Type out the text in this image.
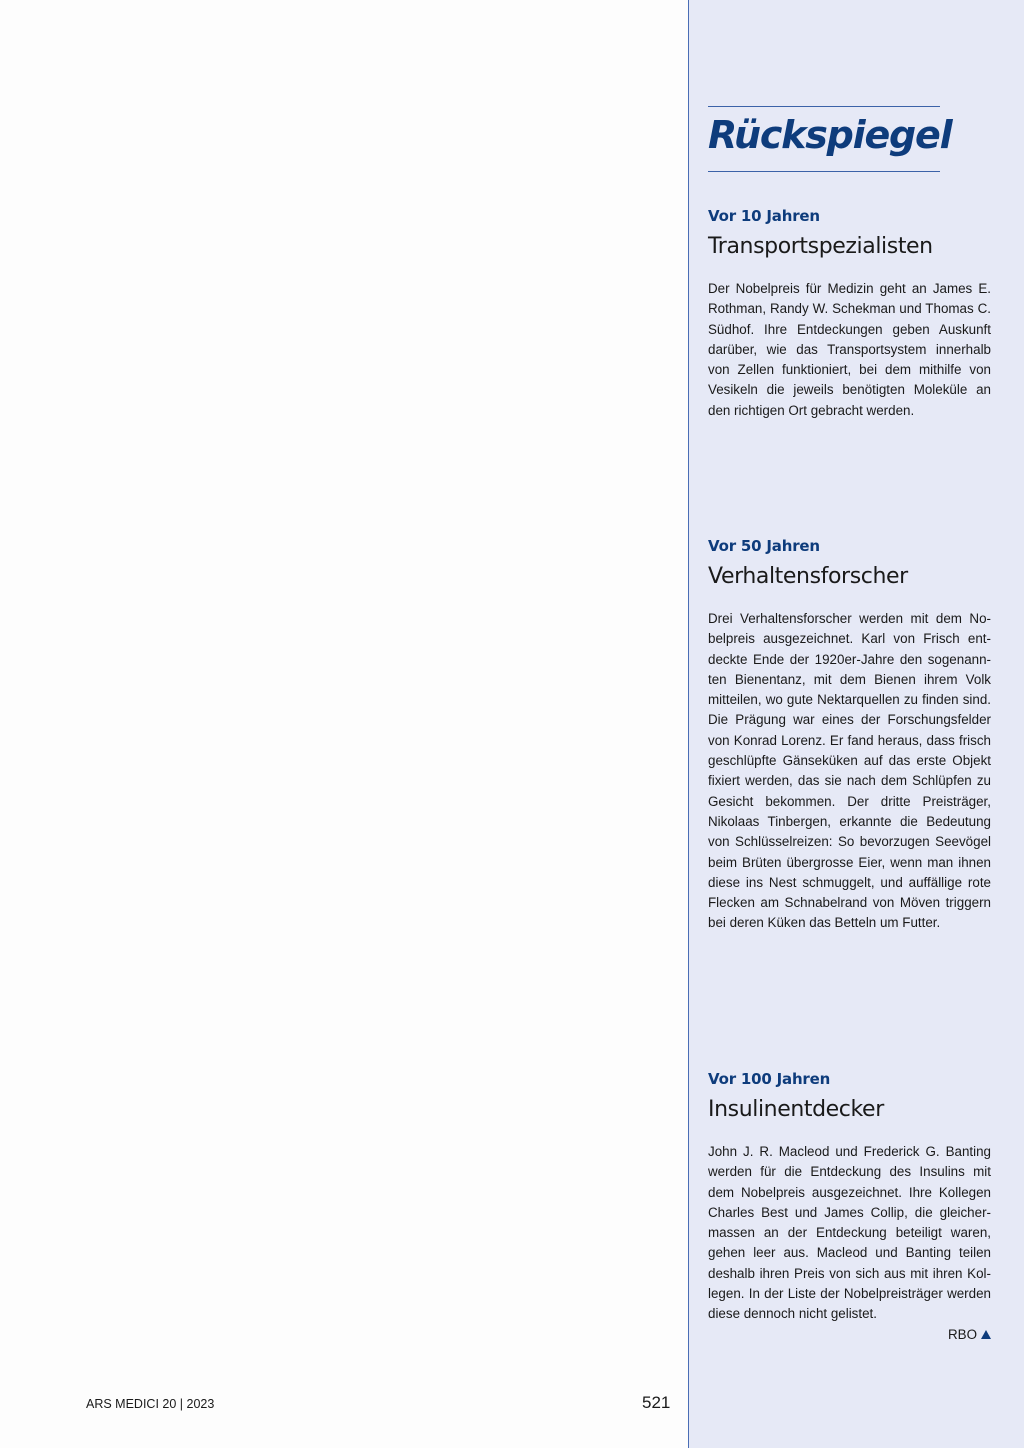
Rückspiegel
Vor 10 Jahren
Transportspezialisten
Der Nobelpreis für Medizin geht an James E. Rothman, Randy W. Schekman und Thomas C. Südhof. Ihre Entdeckungen geben Auskunft darüber, wie das Transportsystem innerhalb von Zellen funktioniert, bei dem mithilfe von Vesikeln die jeweils benötigten Moleküle an den richtigen Ort gebracht werden.
Vor 50 Jahren
Verhaltensforscher
Drei Verhaltensforscher werden mit dem Nobelpreis ausgezeichnet. Karl von Frisch entdeckte Ende der 1920er-Jahre den sogenannten Bienentanz, mit dem Bienen ihrem Volk mitteilen, wo gute Nektarquellen zu finden sind. Die Prägung war eines der Forschungsfelder von Konrad Lorenz. Er fand heraus, dass frisch geschlüpfte Gänseküken auf das erste Objekt fixiert werden, das sie nach dem Schlüpfen zu Gesicht bekommen. Der dritte Preisträger, Nikolaas Tinbergen, erkannte die Bedeutung von Schlüsselreizen: So bevorzugen Seevögel beim Brüten übergrosse Eier, wenn man ihnen diese ins Nest schmuggelt, und auffällige rote Flecken am Schnabelrand von Möven triggern bei deren Küken das Betteln um Futter.
Vor 100 Jahren
Insulinentdecker
John J. R. Macleod und Frederick G. Banting werden für die Entdeckung des Insulins mit dem Nobelpreis ausgezeichnet. Ihre Kollegen Charles Best und James Collip, die gleichermassen an der Entdeckung beteiligt waren, gehen leer aus. Macleod und Banting teilen deshalb ihren Preis von sich aus mit ihren Kollegen. In der Liste der Nobelpreisträger werden diese dennoch nicht gelistet.
RBO
ARS MEDICI 20 | 2023	521
